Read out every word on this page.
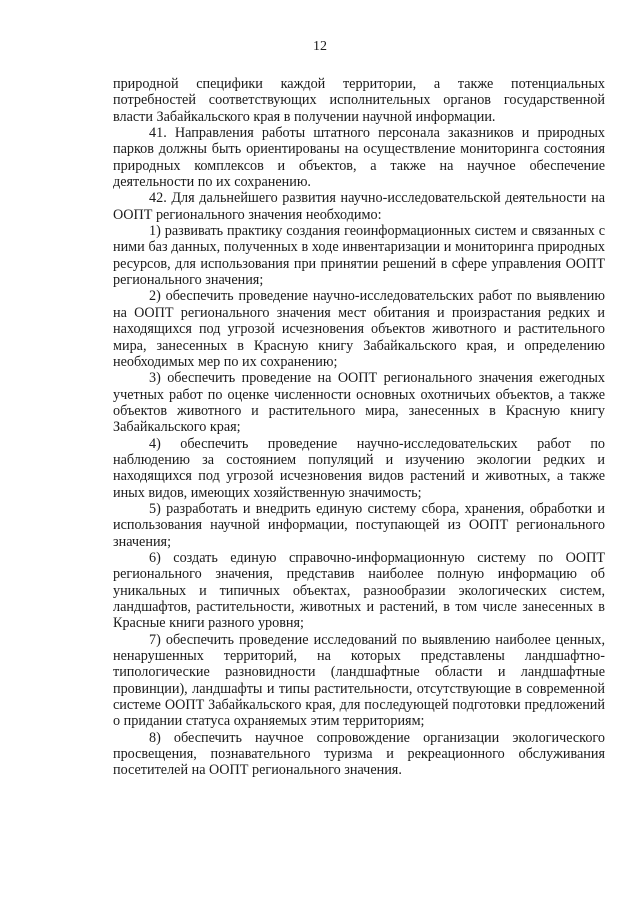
12

природной специфики каждой территории, а также потенциальных потребностей соответствующих исполнительных органов государственной власти Забайкальского края в получении научной информации.

41. Направления работы штатного персонала заказников и природных парков должны быть ориентированы на осуществление мониторинга состояния природных комплексов и объектов, а также на научное обеспечение деятельности по их сохранению.

42. Для дальнейшего развития научно-исследовательской деятельности на ООПТ регионального значения необходимо:

1) развивать практику создания геоинформационных систем и связанных с ними баз данных, полученных в ходе инвентаризации и мониторинга природных ресурсов, для использования при принятии решений в сфере управления ООПТ регионального значения;

2) обеспечить проведение научно-исследовательских работ по выявлению на ООПТ регионального значения мест обитания и произрастания редких и находящихся под угрозой исчезновения объектов животного и растительного мира, занесенных в Красную книгу Забайкальского края, и определению необходимых мер по их сохранению;

3) обеспечить проведение на ООПТ регионального значения ежегодных учетных работ по оценке численности основных охотничьих объектов, а также объектов животного и растительного мира, занесенных в Красную книгу Забайкальского края;

4) обеспечить проведение научно-исследовательских работ по наблюдению за состоянием популяций и изучению экологии редких и находящихся под угрозой исчезновения видов растений и животных, а также иных видов, имеющих хозяйственную значимость;

5) разработать и внедрить единую систему сбора, хранения, обработки и использования научной информации, поступающей из ООПТ регионального значения;

6) создать единую справочно-информационную систему по ООПТ регионального значения, представив наиболее полную информацию об уникальных и типичных объектах, разнообразии экологических систем, ландшафтов, растительности, животных и растений, в том числе занесенных в Красные книги разного уровня;

7) обеспечить проведение исследований по выявлению наиболее ценных, ненарушенных территорий, на которых представлены ландшафтно-типологические разновидности (ландшафтные области и ландшафтные провинции), ландшафты и типы растительности, отсутствующие в современной системе ООПТ Забайкальского края, для последующей подготовки предложений о придании статуса охраняемых этим территориям;

8) обеспечить научное сопровождение организации экологического просвещения, познавательного туризма и рекреационного обслуживания посетителей на ООПТ регионального значения.
